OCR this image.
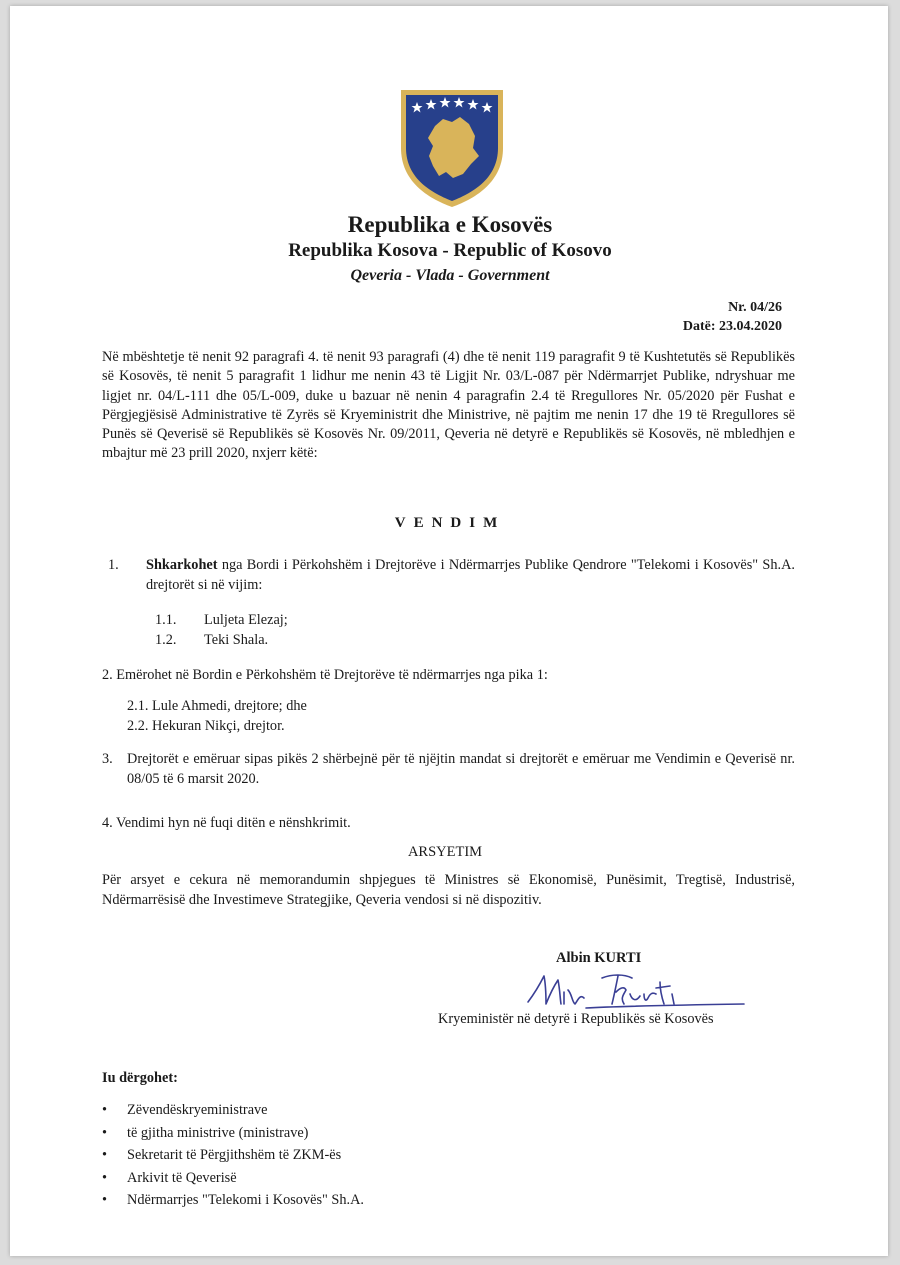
Republika e Kosovës
Republika Kosova - Republic of Kosovo
Qeveria - Vlada - Government
Nr. 04/26
Datë: 23.04.2020
Në mbështetje të nenit 92 paragrafi 4. të nenit 93 paragrafi (4) dhe të nenit 119 paragrafit 9 të Kushtetutës së Republikës së Kosovës, të nenit 5 paragrafit 1 lidhur me nenin 43 të Ligjit Nr. 03/L-087 për Ndërmarrjet Publike, ndryshuar me ligjet nr. 04/L-111 dhe 05/L-009, duke u bazuar në nenin 4 paragrafin 2.4 të Rregullores Nr. 05/2020 për Fushat e Përgjegjësisë Administrative të Zyrës së Kryeministrit dhe Ministrive, në pajtim me nenin 17 dhe 19 të Rregullores së Punës së Qeverisë së Republikës së Kosovës Nr. 09/2011, Qeveria në detyrë e Republikës së Kosovës, në mbledhjen e mbajtur më 23 prill 2020, nxjerr këtë:
VENDIM
1. Shkarkohet nga Bordi i Përkohshëm i Drejtorëve i Ndërmarrjes Publike Qendrore "Telekomi i Kosovës" Sh.A. drejtorët si në vijim:
1.1. Luljeta Elezaj;
1.2. Teki Shala.
2. Emërohet në Bordin e Përkohshëm të Drejtorëve të ndërmarrjes nga pika 1:
2.1. Lule Ahmedi, drejtore; dhe
2.2. Hekuran Nikçi, drejtor.
3. Drejtorët e emëruar sipas pikës 2 shërbejnë për të njëjtin mandat si drejtorët e emëruar me Vendimin e Qeverisë nr. 08/05 të 6 marsit 2020.
4. Vendimi hyn në fuqi ditën e nënshkrimit.
ARSYETIM
Për arsyet e cekura në memorandumin shpjegues të Ministres së Ekonomisë, Punësimit, Tregtisë, Industrisë, Ndërmarrësisë dhe Investimeve Strategjike, Qeveria vendosi si në dispozitiv.
Albin KURTI
Kryeministër në detyrë i Republikës së Kosovës
Iu dërgohet:
• Zëvendëskryeministrave
• të gjitha ministrive (ministrave)
• Sekretarit të Përgjithshëm të ZKM-ës
• Arkivit të Qeverisë
• Ndërmarrjes "Telekomi i Kosovës" Sh.A.
